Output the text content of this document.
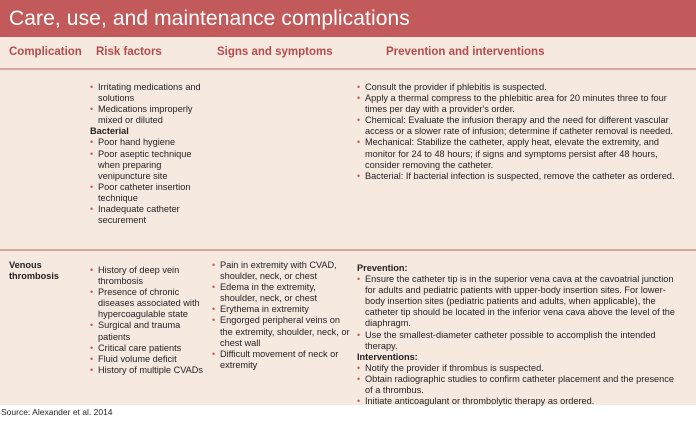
Care, use, and maintenance complications
Complication Risk factors	Signs and symptoms	Prevention and interventions
• Irritating medications and solutions
• Medications improperly mixed or diluted
Bacterial
• Poor hand hygiene
• Poor aseptic technique when preparing venipuncture site
• Poor catheter insertion technique
• Inadequate catheter securement
• Consult the provider if phlebitis is suspected.
• Apply a thermal compress to the phlebitic area for 20 minutes three to four times per day with a provider's order.
• Chemical: Evaluate the infusion therapy and the need for different vascular access or a slower rate of infusion; determine if catheter removal is needed.
• Mechanical: Stabilize the catheter, apply heat, elevate the extremity, and monitor for 24 to 48 hours; if signs and symptoms persist after 48 hours, consider removing the catheter.
• Bacterial: If bacterial infection is suspected, remove the catheter as ordered.
Venous thrombosis
• History of deep vein thrombosis
• Presence of chronic diseases associated with hypercoagulable state
• Surgical and trauma patients
• Critical care patients
• Fluid volume deficit
• History of multiple CVADs
• Pain in extremity with CVAD, shoulder, neck, or chest
• Edema in the extremity, shoulder, neck, or chest
• Erythema in extremity
• Engorged peripheral veins on the extremity, shoulder, neck, or chest wall
• Difficult movement of neck or extremity
Prevention:
• Ensure the catheter tip is in the superior vena cava at the cavoatrial junction for adults and pediatric patients with upper-body insertion sites. For lower-body insertion sites (pediatric patients and adults, when applicable), the catheter tip should be located in the inferior vena cava above the level of the diaphragm.
• Use the smallest-diameter catheter possible to accomplish the intended therapy.
Interventions:
• Notify the provider if thrombus is suspected.
• Obtain radiographic studies to confirm catheter placement and the presence of a thrombus.
• Initiate anticoagulant or thrombolytic therapy as ordered.
Source: Alexander et al. 2014
